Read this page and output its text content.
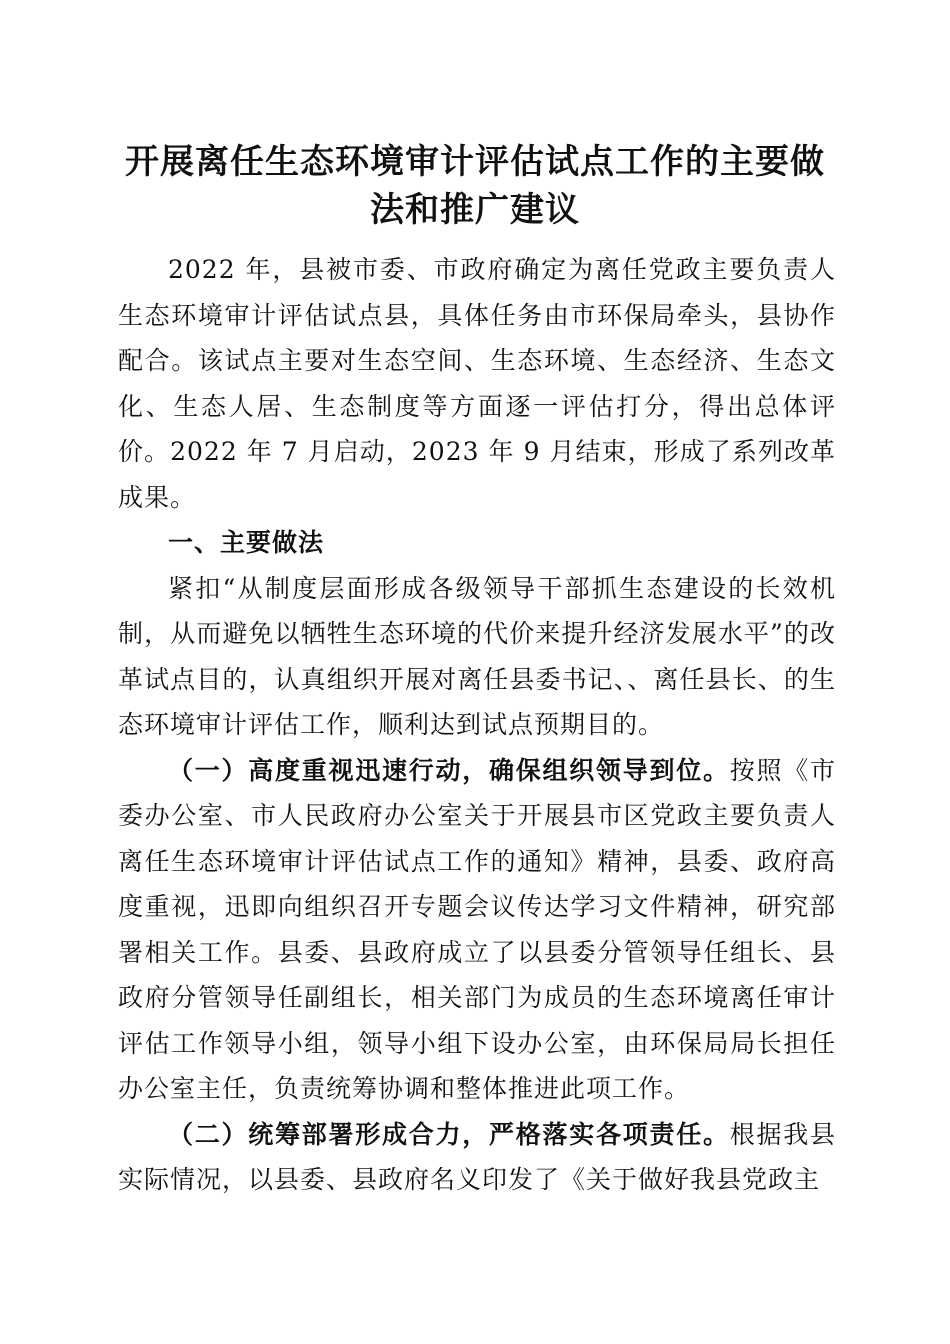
开展离任生态环境审计评估试点工作的主要做
法和推广建议

2022 年，县被市委、市政府确定为离任党政主要负责人生态环境审计评估试点县，具体任务由市环保局牵头，县协作配合。该试点主要对生态空间、生态环境、生态经济、生态文化、生态人居、生态制度等方面逐一评估打分，得出总体评价。2022 年 7 月启动，2023 年 9 月结束，形成了系列改革成果。

一、主要做法

紧扣“从制度层面形成各级领导干部抓生态建设的长效机制，从而避免以牺牲生态环境的代价来提升经济发展水平”的改革试点目的，认真组织开展对离任县委书记、、离任县长、的生态环境审计评估工作，顺利达到试点预期目的。

（一）高度重视迅速行动，确保组织领导到位。按照《市委办公室、市人民政府办公室关于开展县市区党政主要负责人离任生态环境审计评估试点工作的通知》精神，县委、政府高度重视，迅即向组织召开专题会议传达学习文件精神，研究部署相关工作。县委、县政府成立了以县委分管领导任组长、县政府分管领导任副组长，相关部门为成员的生态环境离任审计评估工作领导小组，领导小组下设办公室，由环保局局长担任办公室主任，负责统筹协调和整体推进此项工作。

（二）统筹部署形成合力，严格落实各项责任。根据我县实际情况，以县委、县政府名义印发了《关于做好我县党政主
